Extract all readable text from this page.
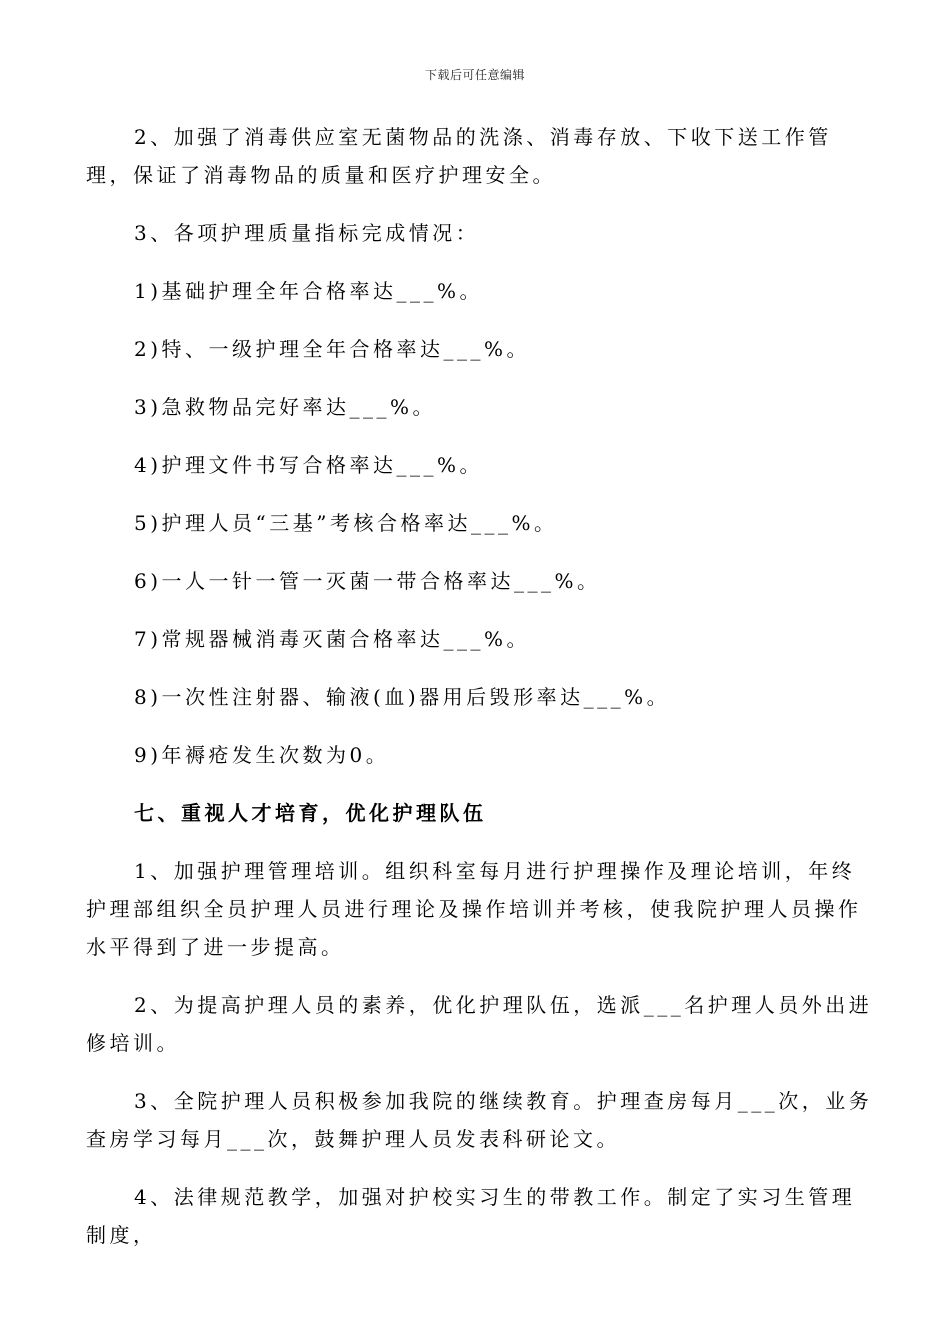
下载后可任意编辑

2、加强了消毒供应室无菌物品的洗涤、消毒存放、下收下送工作管理，保证了消毒物品的质量和医疗护理安全。

3、各项护理质量指标完成情况：

1)基础护理全年合格率达___%。

2)特、一级护理全年合格率达___%。

3)急救物品完好率达___%。

4)护理文件书写合格率达___%。

5)护理人员“三基”考核合格率达___%。

6)一人一针一管一灭菌一带合格率达___%。

7)常规器械消毒灭菌合格率达___%。

8)一次性注射器、输液(血)器用后毁形率达___%。

9)年褥疮发生次数为0。

七、重视人才培育，优化护理队伍

1、加强护理管理培训。组织科室每月进行护理操作及理论培训，年终护理部组织全员护理人员进行理论及操作培训并考核，使我院护理人员操作水平得到了进一步提高。

2、为提高护理人员的素养，优化护理队伍，选派___名护理人员外出进修培训。

3、全院护理人员积极参加我院的继续教育。护理查房每月___次，业务查房学习每月___次，鼓舞护理人员发表科研论文。

4、法律规范教学，加强对护校实习生的带教工作。制定了实习生管理制度，
